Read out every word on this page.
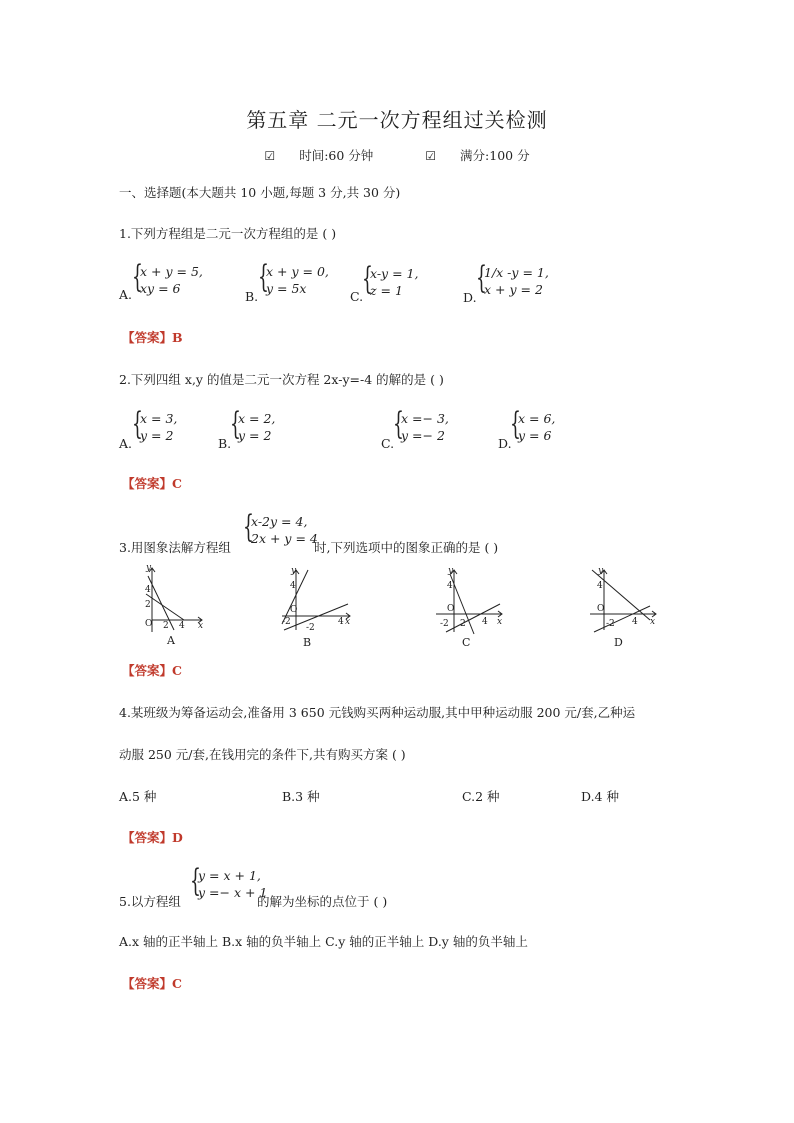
第五章 二元一次方程组过关检测
☑ 时间:60 分钟	☑ 满分:100 分
一、选择题(本大题共 10 小题,每题 3 分,共 30 分)
1.下列方程组是二元一次方程组的是 ( )
A. {
x + y = 5,
xy = 6
B.
{
x + y = 0,
y = 5x
C.
{
x-y = 1,
z = 1	D.
{
1/x -y = 1,
x + y = 2
【答案】B
2.下列四组 x,y 的值是二元一次方程 2x-y=-4 的解的是 ( )
A.
{
x = 3,
y = 2
B.
{
x = 2,
y = 2
C.
{
x =− 3,
y =− 2
D.
{
x = 6,
y = 6
【答案】C
3.用图象法解方程组
{
x-2y = 4,
2x + y = 4
时,下列选项中的图象正确的是 ( )
y
4
2
O 2 4 x
A
y
4
O
-2
-2
4 x
B
y
4
O
-2 2 4 x
C
y
4
O
-2 4 x
D
【答案】C
4.某班级为筹备运动会,准备用 3 650 元钱购买两种运动服,其中甲种运动服 200 元/套,乙种运
动服 250 元/套,在钱用完的条件下,共有购买方案 ( )
A.5 种	B.3 种	C.2 种	D.4 种
【答案】D
5.以方程组
{
y = x + 1,
y =− x + 1
的解为坐标的点位于 ( )
A.x 轴的正半轴上 B.x 轴的负半轴上 C.y 轴的正半轴上 D.y 轴的负半轴上
【答案】C
